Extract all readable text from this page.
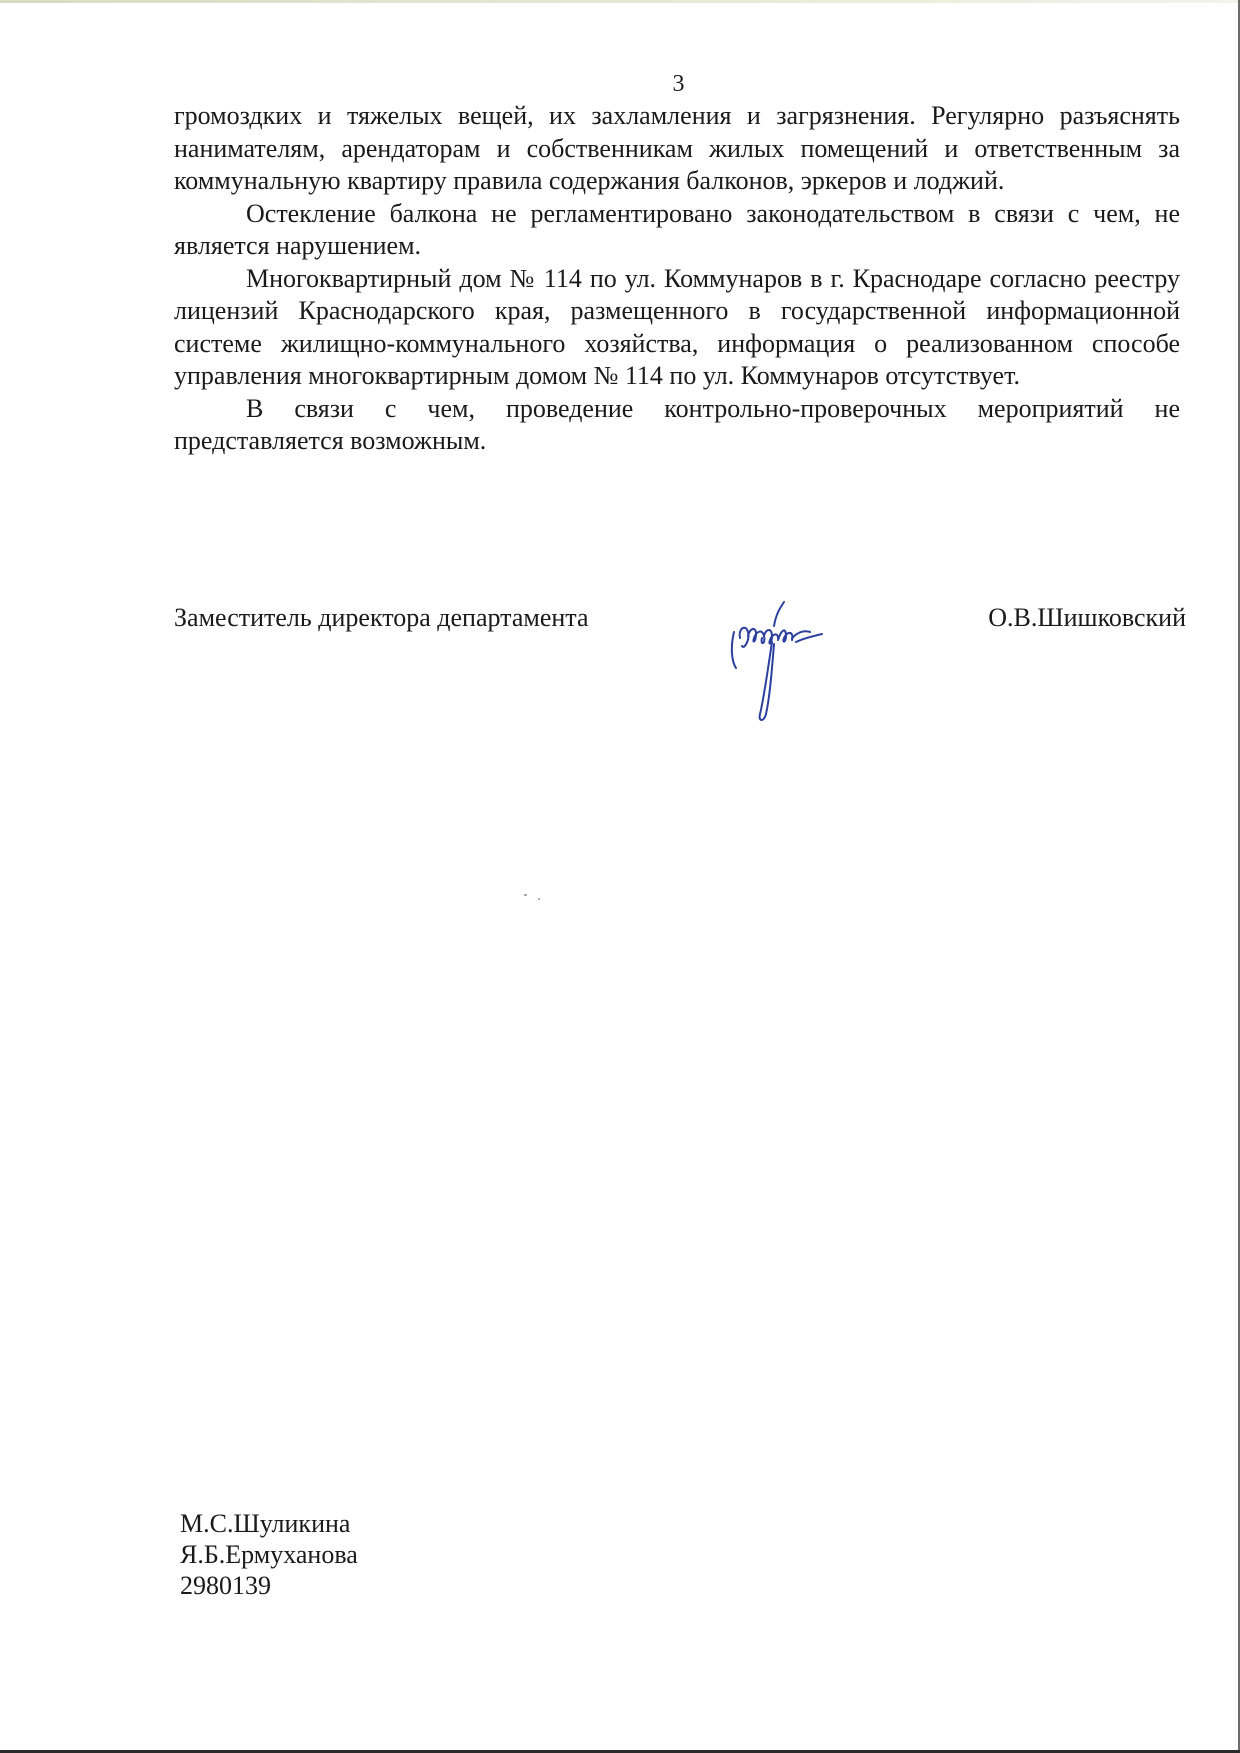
3

громоздких и тяжелых вещей, их захламления и загрязнения. Регулярно разъяснять нанимателям, арендаторам и собственникам жилых помещений и ответственным за коммунальную квартиру правила содержания балконов, эркеров и лоджий.

Остекление балкона не регламентировано законодательством в связи с чем, не является нарушением.

Многоквартирный дом № 114 по ул. Коммунаров в г. Краснодаре согласно реестру лицензий Краснодарского края, размещенного в государственной информационной системе жилищно-коммунального хозяйства, информация о реализованном способе управления многоквартирным домом № 114 по ул. Коммунаров отсутствует.

В связи с чем, проведение контрольно-проверочных мероприятий не представляется возможным.

Заместитель директора департамента	О.В.Шишковский
М.С.Шуликина
Я.Б.Ермуханова
2980139
